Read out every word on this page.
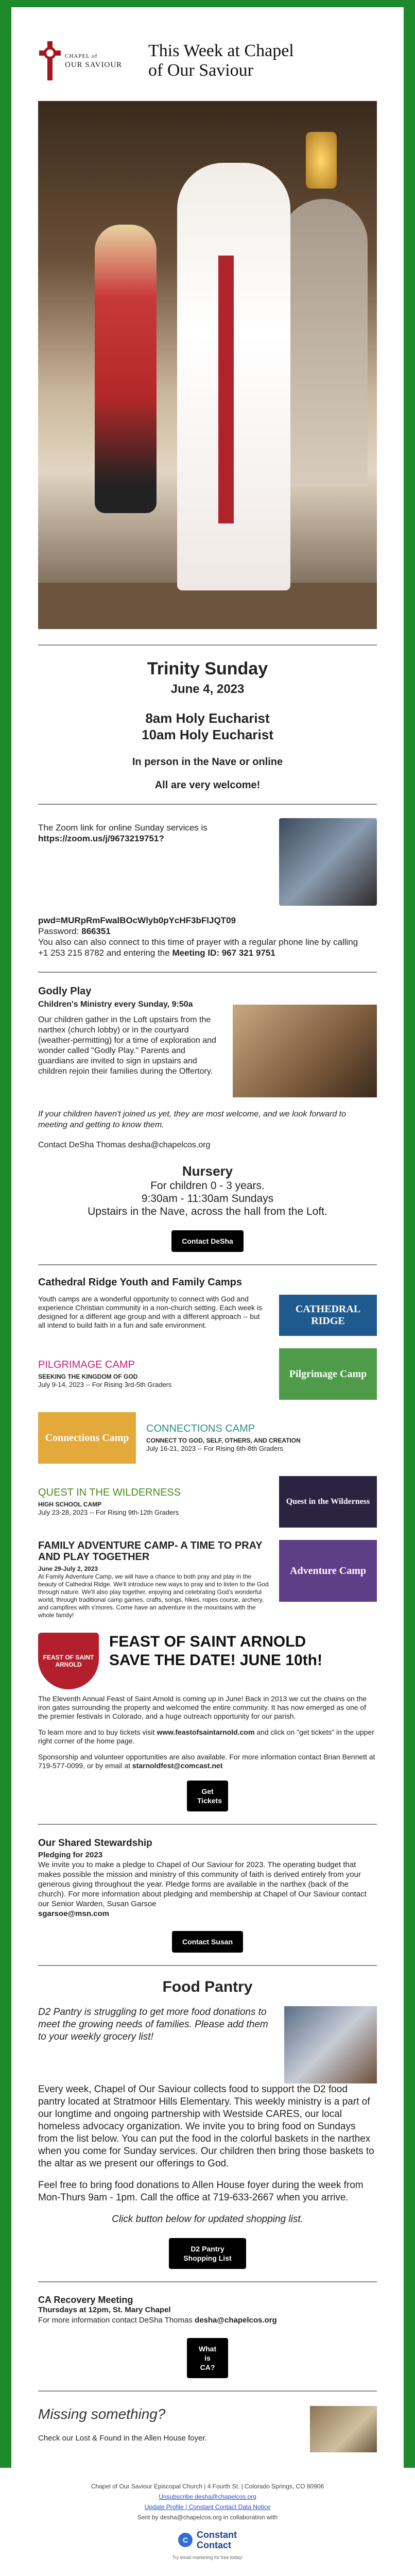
CHAPEL of
OUR SAVIOUR
This Week at Chapel of Our Saviour
Trinity Sunday
June 4, 2023
8am Holy Eucharist
10am Holy Eucharist
In person in the Nave or online
All are very welcome!
The Zoom link for online Sunday services is
https://zoom.us/j/9673219751?
pwd=MURpRmFwalBOcWlyb0pYcHF3bFlJQT09
Password: 866351
You also can also connect to this time of prayer with a regular phone line by calling
+1 253 215 8782 and entering the Meeting ID: 967 321 9751
Godly Play
Children's Ministry every Sunday, 9:50a
Our children gather in the Loft upstairs from the narthex (church lobby) or in the courtyard (weather-permitting) for a time of exploration and wonder called "Godly Play." Parents and guardians are invited to sign in upstairs and children rejoin their families during the Offertory.
If your children haven't joined us yet, they are most welcome, and we look forward to meeting and getting to know them.
Contact DeSha Thomas desha@chapelcos.org
Nursery

For children 0 - 3 years.

9:30am - 11:30am Sundays

Upstairs in the Nave, across the hall from the Loft.

Contact DeSha
Cathedral Ridge Youth and Family Camps
Youth camps are a wonderful opportunity to connect with God and experience Christian community in a non-church setting. Each week is designed for a different age group and with a different approach -- but all intend to build faith in a fun and safe environment.
CATHEDRAL RIDGE
PILGRIMAGE CAMP
SEEKING THE KINGDOM OF GOD
July 9-14, 2023 -- For Rising 3rd-5th Graders
Pilgrimage Camp
Connections Camp
CONNECTIONS CAMP
CONNECT TO GOD, SELF, OTHERS, AND CREATION
July 16-21, 2023 -- For Rising 6th-8th Graders
QUEST IN THE WILDERNESS
HIGH SCHOOL CAMP
July 23-28, 2023 -- For Rising 9th-12th Graders
Quest in the Wilderness
FAMILY ADVENTURE CAMP- A TIME TO PRAY AND PLAY TOGETHER
June 29-July 2, 2023
At Family Adventure Camp, we will have a chance to both pray and play in the beauty of Cathedral Ridge. We'll introduce new ways to pray and to listen to the God through nature. We'll also play together, enjoying and celebrating God's wonderful world, through traditional camp games, crafts, songs, hikes, ropes course, archery, and campfires with s'mores. Come have an adventure in the mountains with the whole family!
Adventure Camp
FEAST OF SAINT ARNOLD
FEAST OF SAINT ARNOLD
SAVE THE DATE! JUNE 10th!

The Eleventh Annual Feast of Saint Arnold is coming up in June! Back in 2013 we cut the chains on the iron gates surrounding the property and welcomed the entire community. It has now emerged as one of the premier festivals in Colorado, and a huge outreach opportunity for our parish.

To learn more and to buy tickets visit www.feastofsaintarnold.com and click on "get tickets" in the upper right corner of the home page.

Sponsorship and volunteer opportunities are also available. For more information contact Brian Bennett at 719-577-0099, or by email at starnoldfest@comcast.net

Get Tickets
Our Shared Stewardship
Pledging for 2023
We invite you to make a pledge to Chapel of Our Saviour for 2023. The operating budget that makes possible the mission and ministry of this community of faith is derived entirely from your generous giving throughout the year. Pledge forms are available in the narthex (back of the church). For more information about pledging and membership at Chapel of Our Saviour contact our Senior Warden, Susan Garsoe
sgarsoe@msn.com
Contact Susan
Food Pantry
D2 Pantry is struggling to get more food donations to meet the growing needs of families. Please add them to your weekly grocery list!

Every week, Chapel of Our Saviour collects food to support the D2 food pantry located at Stratmoor Hills Elementary. This weekly ministry is a part of our longtime and ongoing partnership with Westside CARES, our local homeless advocacy organization. We invite you to bring food on Sundays from the list below. You can put the food in the colorful baskets in the narthex when you come for Sunday services. Our children then bring those baskets to the altar as we present our offerings to God.

Feel free to bring food donations to Allen House foyer during the week from Mon-Thurs 9am - 1pm. Call the office at 719-633-2667 when you arrive.

Click button below for updated shopping list.

D2 Pantry Shopping List
CA Recovery Meeting
Thursdays at 12pm, St. Mary Chapel
For more information contact DeSha Thomas desha@chapelcos.org
What is CA?
Missing something?

Check our Lost & Found in the Allen House foyer.

Chapel of Our Saviour Episcopal Church | 4 Fourth St. | Colorado Springs, CO 80906
Unsubscribe desha@chapelcos.org
Update Profile | Constant Contact Data Notice
Sent by desha@chapelcos.org in collaboration with
C Constant
Contact
Try email marketing for free today!
